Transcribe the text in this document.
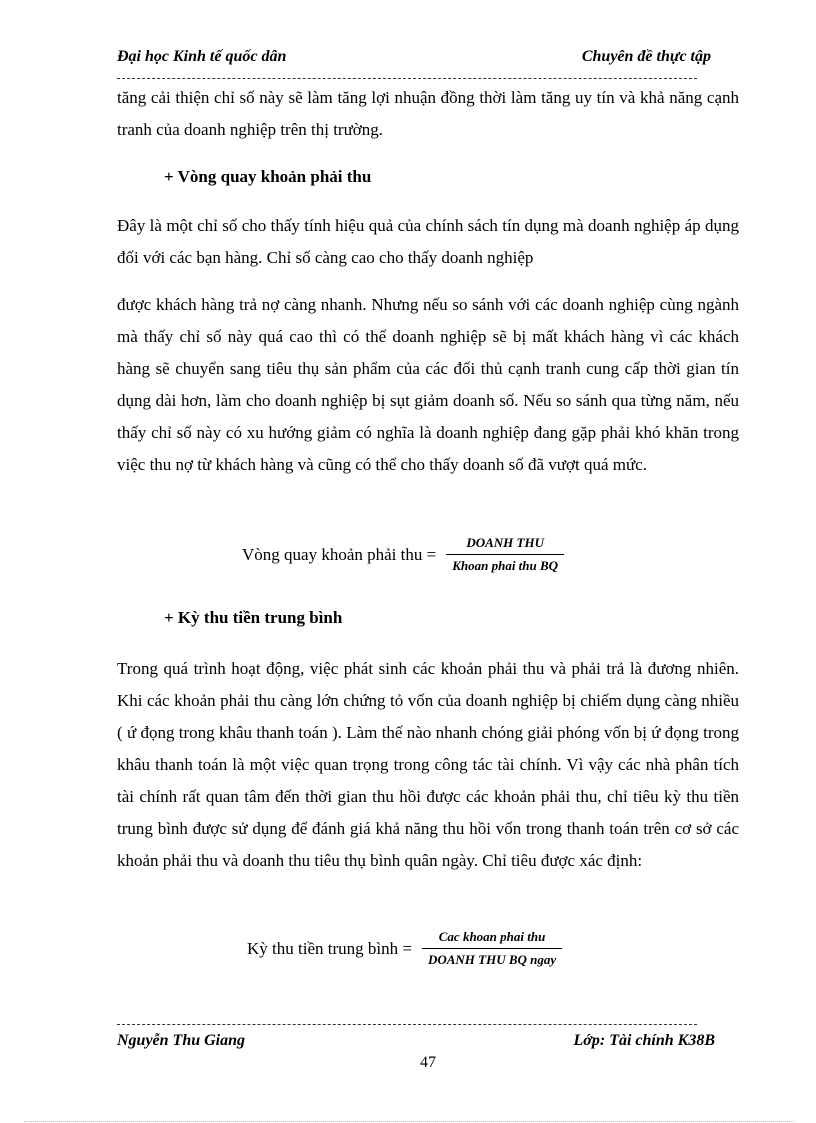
Đại học Kinh tế quốc dân	Chuyên đề thực tập
tăng cải thiện chỉ số này sẽ làm tăng lợi nhuận đồng thời làm tăng uy tín và khả năng cạnh tranh của doanh nghiệp trên thị trường.
+ Vòng quay khoản phải thu
Đây là một chỉ số cho thấy tính hiệu quả của chính sách tín dụng mà doanh nghiệp áp dụng đối với các bạn hàng. Chỉ số càng cao cho thấy doanh nghiệp
được khách hàng trả nợ càng nhanh. Nhưng nếu so sánh với các doanh nghiệp cùng ngành mà thấy chỉ số này quá cao thì có thể doanh nghiệp sẽ bị mất khách hàng vì các khách hàng sẽ chuyển sang tiêu thụ sản phẩm của các đối thủ cạnh tranh cung cấp thời gian tín dụng dài hơn, làm cho doanh nghiệp bị sụt giảm doanh số. Nếu so sánh qua từng năm, nếu thấy chỉ số này có xu hướng giảm có nghĩa là doanh nghiệp đang gặp phải khó khăn trong việc thu nợ từ khách hàng và cũng có thể cho thấy doanh số đã vượt quá mức.
Vòng quay khoản phải thu = $\frac{\text{DOANH THU}}{\text{Khoan phai thu BQ}}$
+ Kỳ thu tiền trung bình
Trong quá trình hoạt động, việc phát sinh các khoản phải thu và phải trả là đương nhiên. Khi các khoản phải thu càng lớn chứng tỏ vốn của doanh nghiệp bị chiếm dụng càng nhiều ( ứ đọng trong khâu thanh toán ). Làm thế nào nhanh chóng giải phóng vốn bị ứ đọng trong khâu thanh toán là một việc quan trọng trong công tác tài chính. Vì vậy các nhà phân tích tài chính rất quan tâm đến thời gian thu hồi được các khoản phải thu, chỉ tiêu kỳ thu tiền trung bình được sử dụng để đánh giá khả năng thu hồi vốn trong thanh toán trên cơ sở các khoản phải thu và doanh thu tiêu thụ bình quân ngày. Chỉ tiêu được xác định:
Kỳ thu tiền trung bình = $\frac{\text{Cac khoan phai thu}}{\text{DOANH THU BQ ngay}}$
Nguyễn Thu Giang	Lớp: Tài chính K38B
47
